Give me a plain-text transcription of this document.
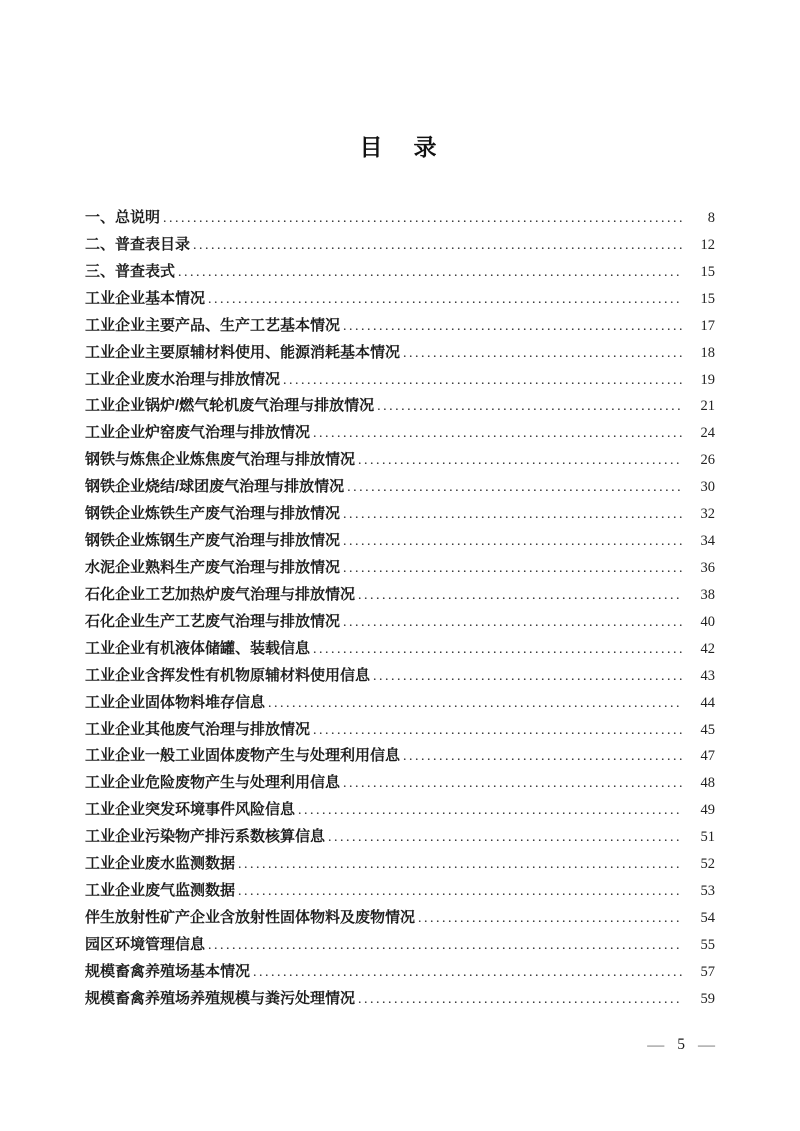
目　录
一、总说明 .....	8
二、普查表目录 .....	12
三、普查表式 .....	15
工业企业基本情况 .....	15
工业企业主要产品、生产工艺基本情况 .....	17
工业企业主要原辅材料使用、能源消耗基本情况 .....	18
工业企业废水治理与排放情况 .....	19
工业企业锅炉/燃气轮机废气治理与排放情况 .....	21
工业企业炉窑废气治理与排放情况 .....	24
钢铁与炼焦企业炼焦废气治理与排放情况 .....	26
钢铁企业烧结/球团废气治理与排放情况 .....	30
钢铁企业炼铁生产废气治理与排放情况 .....	32
钢铁企业炼钢生产废气治理与排放情况 .....	34
水泥企业熟料生产废气治理与排放情况 .....	36
石化企业工艺加热炉废气治理与排放情况 .....	38
石化企业生产工艺废气治理与排放情况 .....	40
工业企业有机液体储罐、装载信息 .....	42
工业企业含挥发性有机物原辅材料使用信息 .....	43
工业企业固体物料堆存信息 .....	44
工业企业其他废气治理与排放情况 .....	45
工业企业一般工业固体废物产生与处理利用信息 .....	47
工业企业危险废物产生与处理利用信息 .....	48
工业企业突发环境事件风险信息 .....	49
工业企业污染物产排污系数核算信息 .....	51
工业企业废水监测数据 .....	52
工业企业废气监测数据 .....	53
伴生放射性矿产企业含放射性固体物料及废物情况 .....	54
园区环境管理信息 .....	55
规模畜禽养殖场基本情况 .....	57
规模畜禽养殖场养殖规模与粪污处理情况 .....	59
— 5 —
